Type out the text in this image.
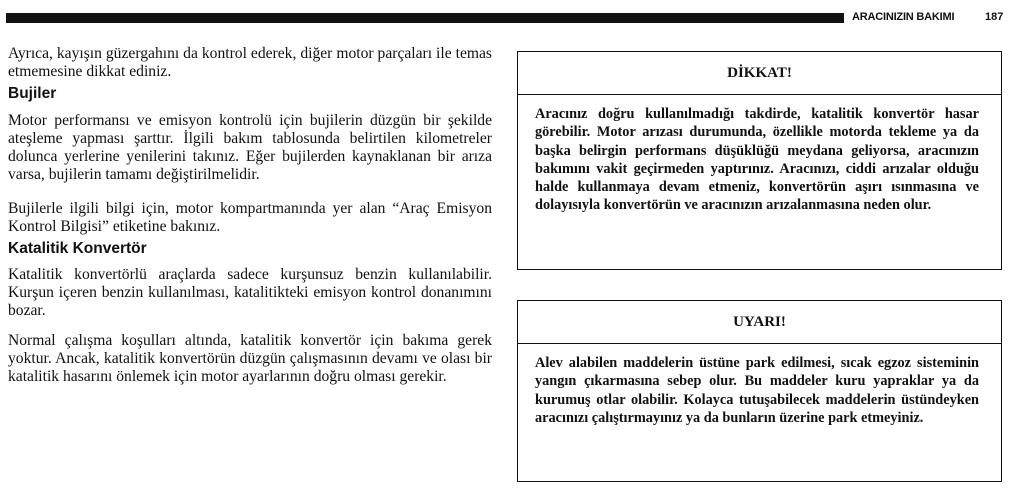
ARACINIZIN BAKIMI	187
Ayrıca, kayışın güzergahını da kontrol ederek, diğer motor parçaları ile temas etmemesine dikkat ediniz.
Bujiler
Motor performansı ve emisyon kontrolü için bujilerin düzgün bir şekilde ateşleme yapması şarttır. İlgili bakım tablosunda belirtilen kilometreler dolunca yerlerine yenilerini takınız. Eğer bujilerden kaynaklanan bir arıza varsa, bujilerin tamamı değiştirilmelidir.
Bujilerle ilgili bilgi için, motor kompartmanında yer alan “Araç Emisyon Kontrol Bilgisi” etiketine bakınız.
Katalitik Konvertör
Katalitik konvertörlü araçlarda sadece kurşunsuz benzin kullanılabilir. Kurşun içeren benzin kullanılması, katalitikteki emisyon kontrol donanımını bozar.
Normal çalışma koşulları altında, katalitik konvertör için bakıma gerek yoktur. Ancak, katalitik konvertörün düzgün çalışmasının devamı ve olası bir katalitik hasarını önlemek için motor ayarlarının doğru olması gerekir.
DİKKAT!
Aracınız doğru kullanılmadığı takdirde, katalitik konvertör hasar görebilir. Motor arızası durumunda, özellikle motorda tekleme ya da başka belirgin performans düşüklüğü meydana geliyorsa, aracınızın bakımını vakit geçirmeden yaptırınız. Aracınızı, ciddi arızalar olduğu halde kullanmaya devam etmeniz, konvertörün aşırı ısınmasına ve dolayısıyla konvertörün ve aracınızın arızalanmasına neden olur.
UYARI!
Alev alabilen maddelerin üstüne park edilmesi, sıcak egzoz sisteminin yangın çıkarmasına sebep olur. Bu maddeler kuru yapraklar ya da kurumuş otlar olabilir. Kolayca tutuşabilecek maddelerin üstündeyken aracınızı çalıştırmayınız ya da bunların üzerine park etmeyiniz.
